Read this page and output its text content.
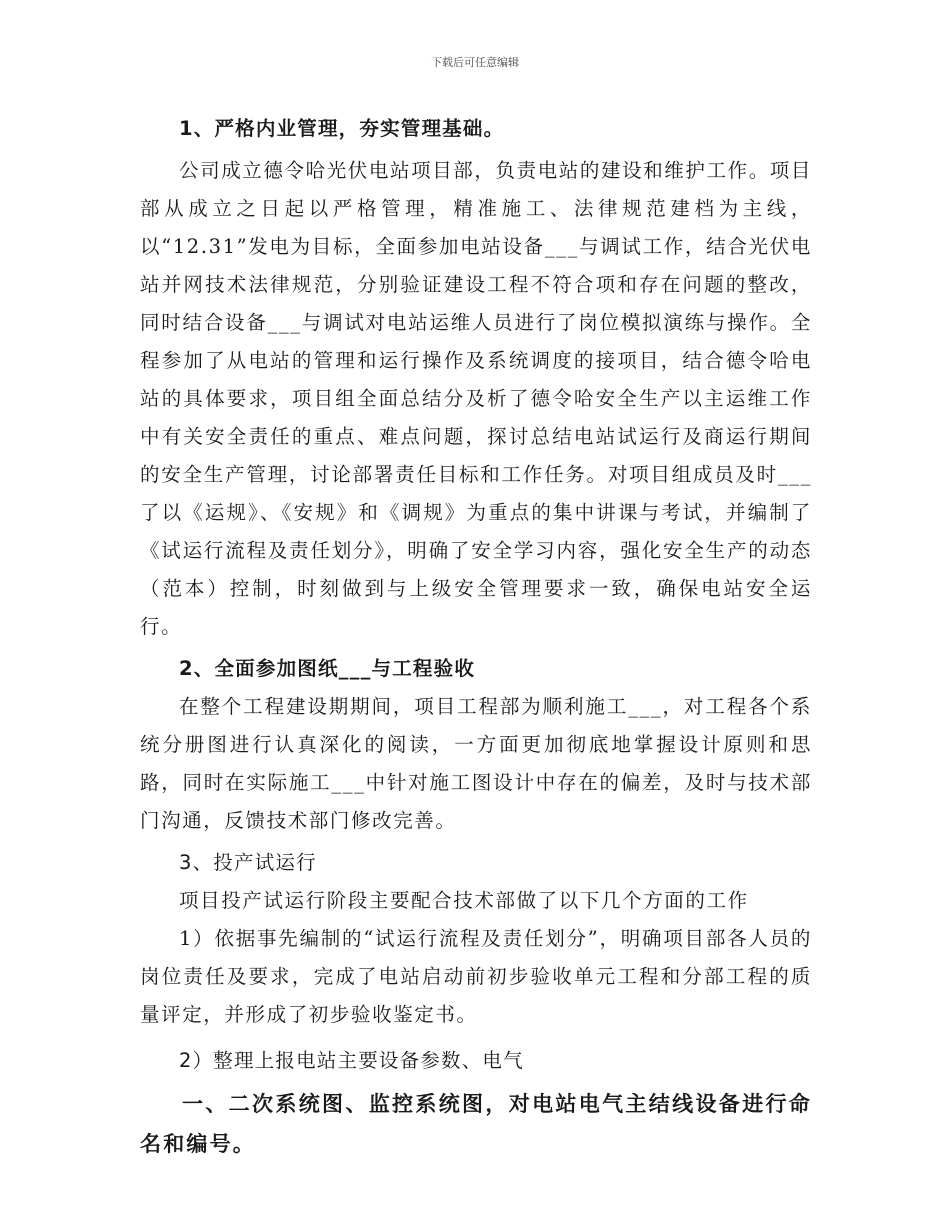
下载后可任意编辑

1、严格内业管理，夯实管理基础。

公司成立德令哈光伏电站项目部，负责电站的建设和维护工作。项目部从成立之日起以严格管理，精准施工、法律规范建档为主线，以“12.31”发电为目标，全面参加电站设备___与调试工作，结合光伏电站并网技术法律规范，分别验证建设工程不符合项和存在问题的整改，同时结合设备___与调试对电站运维人员进行了岗位模拟演练与操作。全程参加了从电站的管理和运行操作及系统调度的接项目，结合德令哈电站的具体要求，项目组全面总结分及析了德令哈安全生产以主运维工作中有关安全责任的重点、难点问题，探讨总结电站试运行及商运行期间的安全生产管理，讨论部署责任目标和工作任务。对项目组成员及时___了以《运规》、《安规》和《调规》为重点的集中讲课与考试，并编制了《试运行流程及责任划分》，明确了安全学习内容，强化安全生产的动态（范本）控制，时刻做到与上级安全管理要求一致，确保电站安全运行。

2、全面参加图纸___与工程验收

在整个工程建设期期间，项目工程部为顺利施工___，对工程各个系统分册图进行认真深化的阅读，一方面更加彻底地掌握设计原则和思路，同时在实际施工___中针对施工图设计中存在的偏差，及时与技术部门沟通，反馈技术部门修改完善。

3、投产试运行

项目投产试运行阶段主要配合技术部做了以下几个方面的工作

1）依据事先编制的“试运行流程及责任划分”，明确项目部各人员的岗位责任及要求，完成了电站启动前初步验收单元工程和分部工程的质量评定，并形成了初步验收鉴定书。

2）整理上报电站主要设备参数、电气

一、二次系统图、监控系统图，对电站电气主结线设备进行命名和编号。
